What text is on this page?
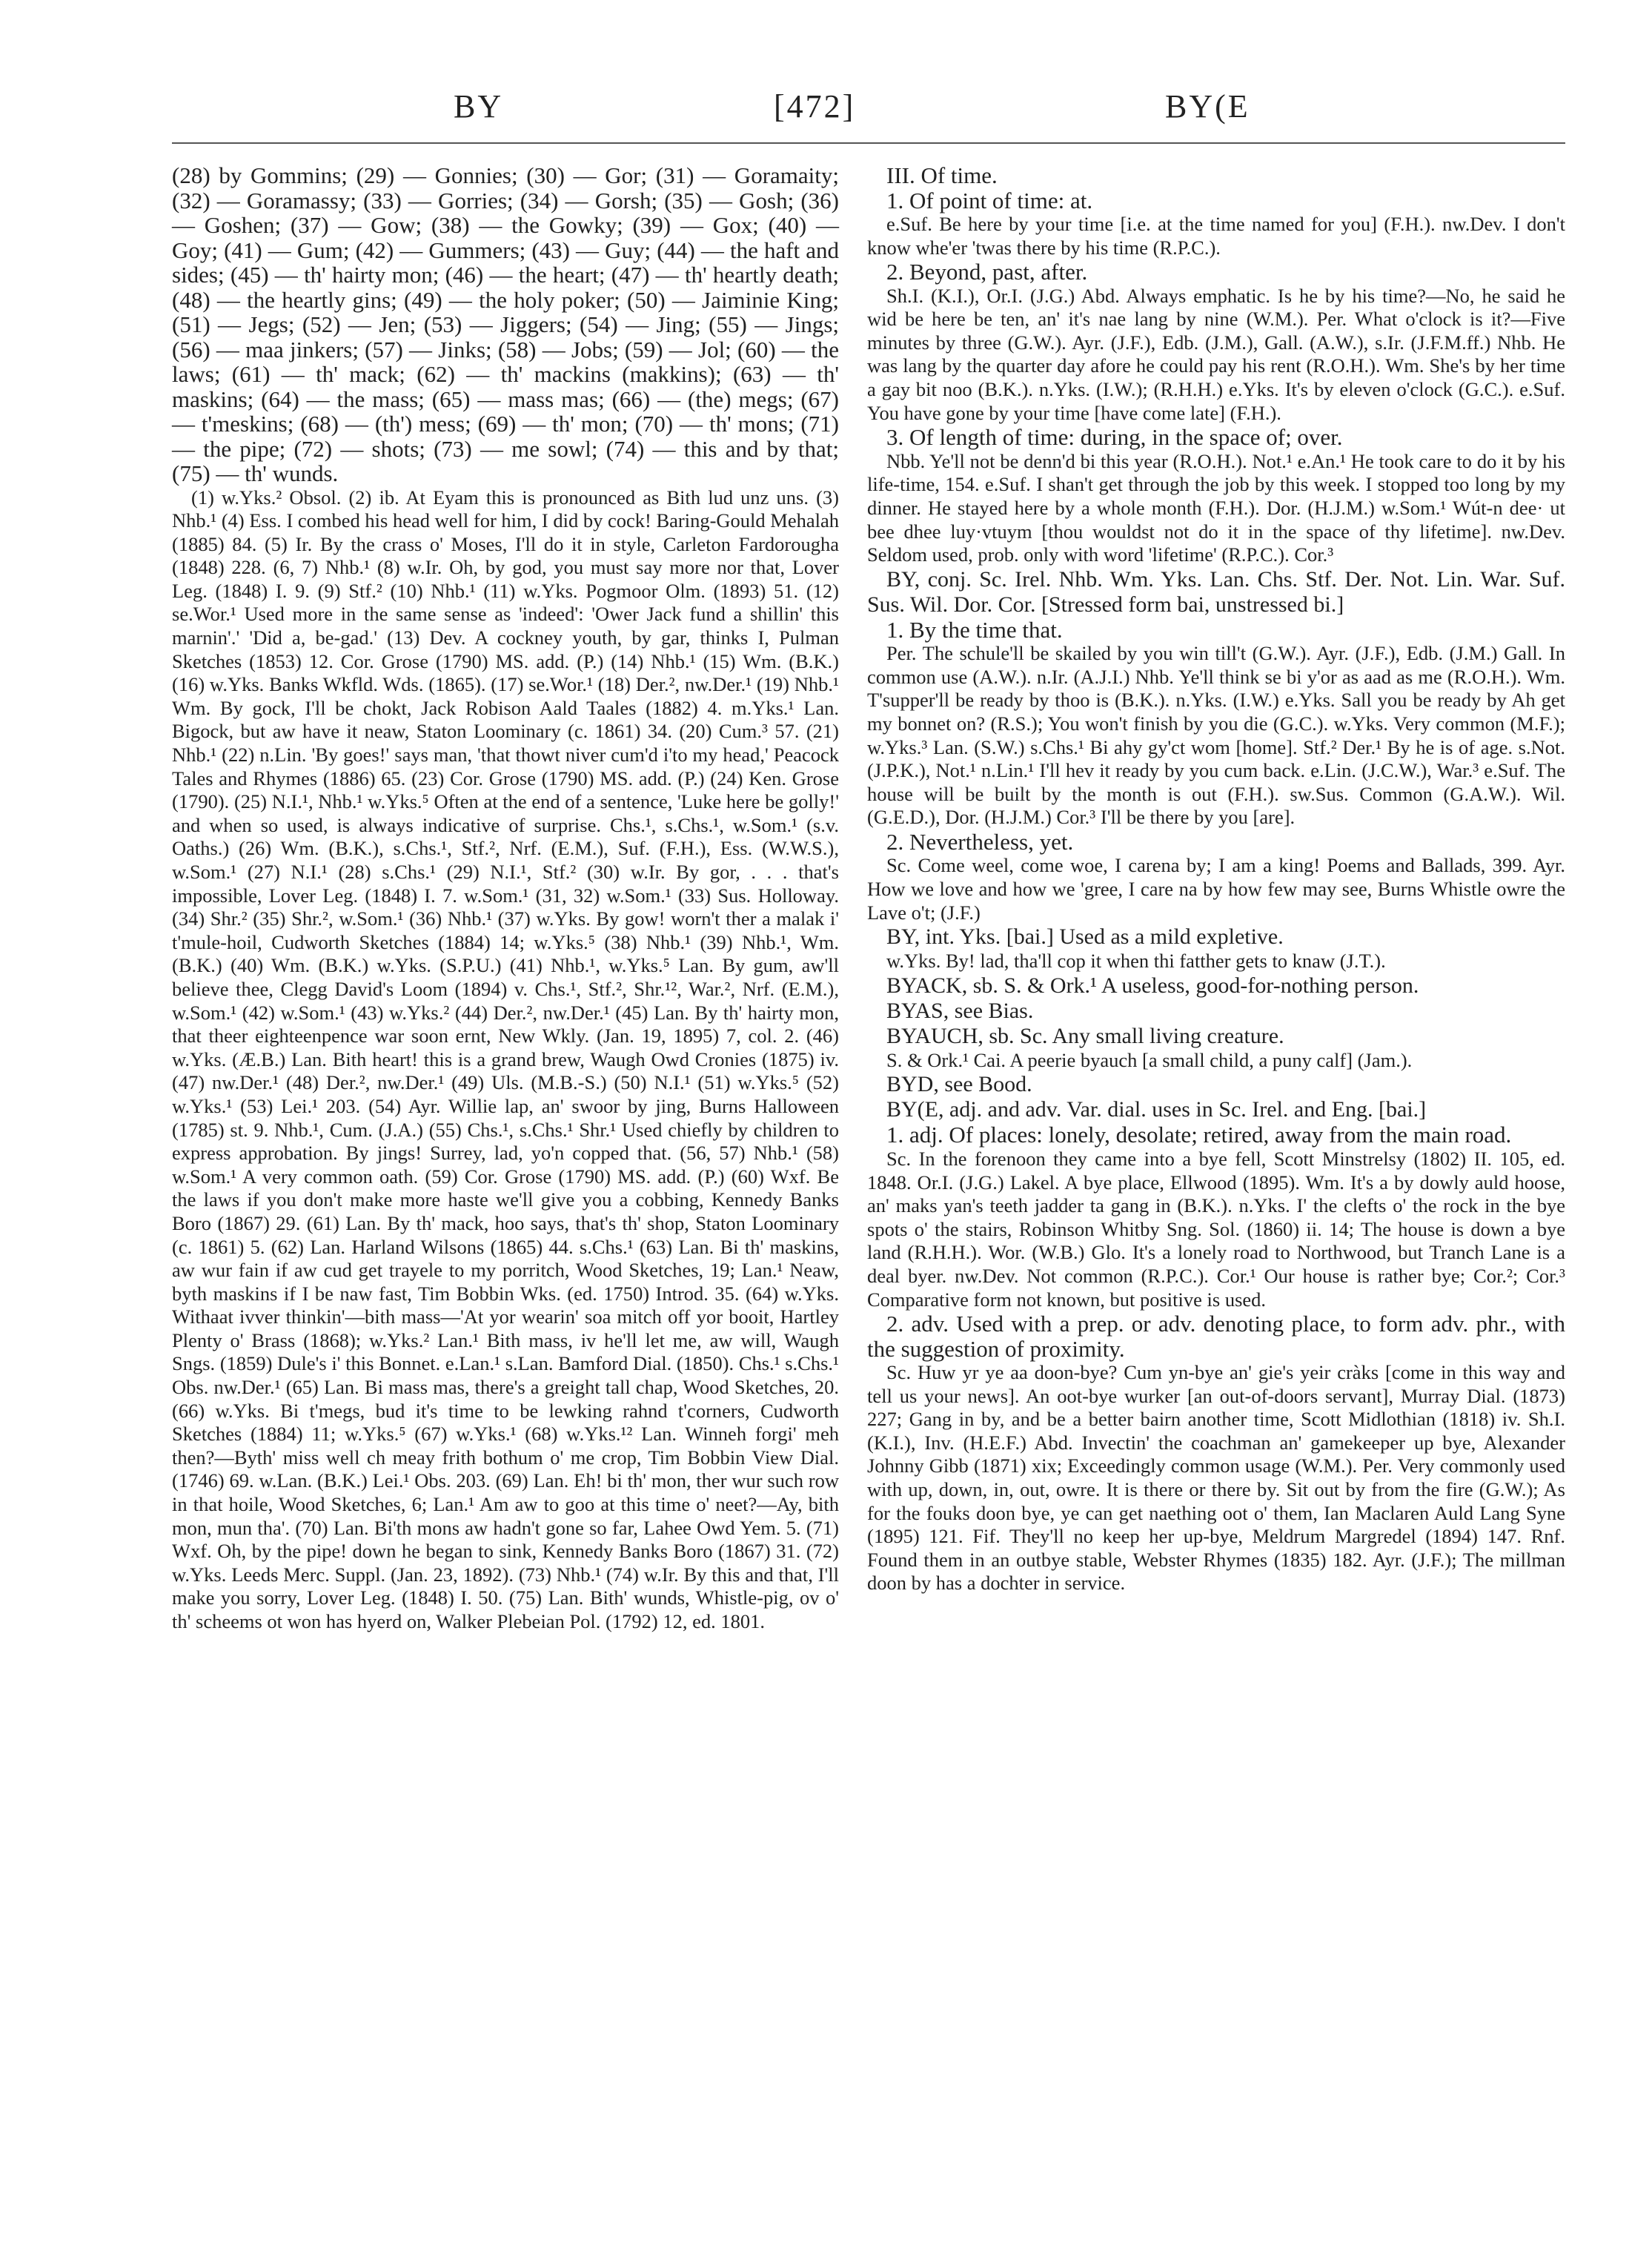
BY	[472]	BY(E

(28) by Gommins; (29) — Gonnies; (30) — Gor; (31) — Goramaity; (32) — Goramassy; (33) — Gorries; (34) — Gorsh; (35) — Gosh; (36) — Goshen; (37) — Gow; (38) — the Gowky; (39) — Gox; (40) — Goy; (41) — Gum; (42) — Gummers; (43) — Guy; (44) — the haft and sides; (45) — th' hairty mon; (46) — the heart; (47) — th' heartly death; (48) — the heartly gins; (49) — the holy poker; (50) — Jaiminie King; (51) — Jegs; (52) — Jen; (53) — Jiggers; (54) — Jing; (55) — Jings; (56) — maa jinkers; (57) — Jinks; (58) — Jobs; (59) — Jol; (60) — the laws; (61) — th' mack; (62) — th' mackins (makkins); (63) — th' maskins; (64) — the mass; (65) — mass mas; (66) — (the) megs; (67) — t'meskins; (68) — (th') mess; (69) — th' mon; (70) — th' mons; (71) — the pipe; (72) — shots; (73) — me sowl; (74) — this and by that; (75) — th' wunds.

(1) w.Yks.² Obsol. (2) ib. At Eyam this is pronounced as Bith lud unz uns. (3) Nhb.¹ (4) Ess. I combed his head well for him, I did by cock! Baring-Gould Mehalah (1885) 84. (5) Ir. By the crass o' Moses, I'll do it in style, Carleton Fardorougha (1848) 228. (6, 7) Nhb.¹ (8) w.Ir. Oh, by god, you must say more nor that, Lover Leg. (1848) I. 9. (9) Stf.² (10) Nhb.¹ (11) w.Yks. Pogmoor Olm. (1893) 51. (12) se.Wor.¹ Used more in the same sense as 'indeed': 'Ower Jack fund a shillin' this marnin'.' 'Did a, be-gad.' (13) Dev. A cockney youth, by gar, thinks I, Pulman Sketches (1853) 12. Cor. Grose (1790) MS. add. (P.) (14) Nhb.¹ (15) Wm. (B.K.) (16) w.Yks. Banks Wkfld. Wds. (1865). (17) se.Wor.¹ (18) Der.², nw.Der.¹ (19) Nhb.¹ Wm. By gock, I'll be chokt, Jack Robison Aald Taales (1882) 4. m.Yks.¹ Lan. Bigock, but aw have it neaw, Staton Loominary (c. 1861) 34. (20) Cum.³ 57. (21) Nhb.¹ (22) n.Lin. 'By goes!' says man, 'that thowt niver cum'd i'to my head,' Peacock Tales and Rhymes (1886) 65. (23) Cor. Grose (1790) MS. add. (P.) (24) Ken. Grose (1790). (25) N.I.¹, Nhb.¹ w.Yks.⁵ Often at the end of a sentence, 'Luke here be golly!' and when so used, is always indicative of surprise. Chs.¹, s.Chs.¹, w.Som.¹ (s.v. Oaths.) (26) Wm. (B.K.), s.Chs.¹, Stf.², Nrf. (E.M.), Suf. (F.H.), Ess. (W.W.S.), w.Som.¹ (27) N.I.¹ (28) s.Chs.¹ (29) N.I.¹, Stf.² (30) w.Ir. By gor, . . . that's impossible, Lover Leg. (1848) I. 7. w.Som.¹ (31, 32) w.Som.¹ (33) Sus. Holloway. (34) Shr.² (35) Shr.², w.Som.¹ (36) Nhb.¹ (37) w.Yks. By gow! worn't ther a malak i' t'mule-hoil, Cudworth Sketches (1884) 14; w.Yks.⁵ (38) Nhb.¹ (39) Nhb.¹, Wm. (B.K.) (40) Wm. (B.K.) w.Yks. (S.P.U.) (41) Nhb.¹, w.Yks.⁵ Lan. By gum, aw'll believe thee, Clegg David's Loom (1894) v. Chs.¹, Stf.², Shr.¹², War.², Nrf. (E.M.), w.Som.¹ (42) w.Som.¹ (43) w.Yks.² (44) Der.², nw.Der.¹ (45) Lan. By th' hairty mon, that theer eighteenpence war soon ernt, New Wkly. (Jan. 19, 1895) 7, col. 2. (46) w.Yks. (Æ.B.) Lan. Bith heart! this is a grand brew, Waugh Owd Cronies (1875) iv. (47) nw.Der.¹ (48) Der.², nw.Der.¹ (49) Uls. (M.B.-S.) (50) N.I.¹ (51) w.Yks.⁵ (52) w.Yks.¹ (53) Lei.¹ 203. (54) Ayr. Willie lap, an' swoor by jing, Burns Halloween (1785) st. 9. Nhb.¹, Cum. (J.A.) (55) Chs.¹, s.Chs.¹ Shr.¹ Used chiefly by children to express approbation. By jings! Surrey, lad, yo'n copped that. (56, 57) Nhb.¹ (58) w.Som.¹ A very common oath. (59) Cor. Grose (1790) MS. add. (P.) (60) Wxf. Be the laws if you don't make more haste we'll give you a cobbing, Kennedy Banks Boro (1867) 29. (61) Lan. By th' mack, hoo says, that's th' shop, Staton Loominary (c. 1861) 5. (62) Lan. Harland Wilsons (1865) 44. s.Chs.¹ (63) Lan. Bi th' maskins, aw wur fain if aw cud get trayele to my porritch, Wood Sketches, 19; Lan.¹ Neaw, byth maskins if I be naw fast, Tim Bobbin Wks. (ed. 1750) Introd. 35. (64) w.Yks. Withaat ivver thinkin'—bith mass—'At yor wearin' soa mitch off yor booit, Hartley Plenty o' Brass (1868); w.Yks.² Lan.¹ Bith mass, iv he'll let me, aw will, Waugh Sngs. (1859) Dule's i' this Bonnet. e.Lan.¹ s.Lan. Bamford Dial. (1850). Chs.¹ s.Chs.¹ Obs. nw.Der.¹ (65) Lan. Bi mass mas, there's a greight tall chap, Wood Sketches, 20. (66) w.Yks. Bi t'megs, bud it's time to be lewking rahnd t'corners, Cudworth Sketches (1884) 11; w.Yks.⁵ (67) w.Yks.¹ (68) w.Yks.¹² Lan. Winneh forgi' meh then?—Byth' miss well ch meay frith bothum o' me crop, Tim Bobbin View Dial. (1746) 69. w.Lan. (B.K.) Lei.¹ Obs. 203. (69) Lan. Eh! bi th' mon, ther wur such row in that hoile, Wood Sketches, 6; Lan.¹ Am aw to goo at this time o' neet?—Ay, bith mon, mun tha'. (70) Lan. Bi'th mons aw hadn't gone so far, Lahee Owd Yem. 5. (71) Wxf. Oh, by the pipe! down he began to sink, Kennedy Banks Boro (1867) 31. (72) w.Yks. Leeds Merc. Suppl. (Jan. 23, 1892). (73) Nhb.¹ (74) w.Ir. By this and that, I'll make you sorry, Lover Leg. (1848) I. 50. (75) Lan. Bith' wunds, Whistle-pig, ov o' th' scheems ot won has hyerd on, Walker Plebeian Pol. (1792) 12, ed. 1801.

III. Of time.

1. Of point of time: at.

e.Suf. Be here by your time [i.e. at the time named for you] (F.H.). nw.Dev. I don't know whe'er 'twas there by his time (R.P.C.).

2. Beyond, past, after.

Sh.I. (K.I.), Or.I. (J.G.) Abd. Always emphatic. Is he by his time?—No, he said he wid be here be ten, an' it's nae lang by nine (W.M.). Per. What o'clock is it?—Five minutes by three (G.W.). Ayr. (J.F.), Edb. (J.M.), Gall. (A.W.), s.Ir. (J.F.M.ff.) Nhb. He was lang by the quarter day afore he could pay his rent (R.O.H.). Wm. She's by her time a gay bit noo (B.K.). n.Yks. (I.W.); (R.H.H.) e.Yks. It's by eleven o'clock (G.C.). e.Suf. You have gone by your time [have come late] (F.H.).

3. Of length of time: during, in the space of; over.

Nbb. Ye'll not be denn'd bi this year (R.O.H.). Not.¹ e.An.¹ He took care to do it by his life-time, 154. e.Suf. I shan't get through the job by this week. I stopped too long by my dinner. He stayed here by a whole month (F.H.). Dor. (H.J.M.) w.Som.¹ Wút-n dee· ut bee dhee luy·vtuym [thou wouldst not do it in the space of thy lifetime]. nw.Dev. Seldom used, prob. only with word 'lifetime' (R.P.C.). Cor.³

BY, conj. Sc. Irel. Nhb. Wm. Yks. Lan. Chs. Stf. Der. Not. Lin. War. Suf. Sus. Wil. Dor. Cor. [Stressed form bai, unstressed bi.]

1. By the time that.

Per. The schule'll be skailed by you win till't (G.W.). Ayr. (J.F.), Edb. (J.M.) Gall. In common use (A.W.). n.Ir. (A.J.I.) Nhb. Ye'll think se bi y'or as aad as me (R.O.H.). Wm. T'supper'll be ready by thoo is (B.K.). n.Yks. (I.W.) e.Yks. Sall you be ready by Ah get my bonnet on? (R.S.); You won't finish by you die (G.C.). w.Yks. Very common (M.F.); w.Yks.³ Lan. (S.W.) s.Chs.¹ Bi ahy gy'ct wom [home]. Stf.² Der.¹ By he is of age. s.Not. (J.P.K.), Not.¹ n.Lin.¹ I'll hev it ready by you cum back. e.Lin. (J.C.W.), War.³ e.Suf. The house will be built by the month is out (F.H.). sw.Sus. Common (G.A.W.). Wil. (G.E.D.), Dor. (H.J.M.) Cor.³ I'll be there by you [are].

2. Nevertheless, yet.

Sc. Come weel, come woe, I carena by; I am a king! Poems and Ballads, 399. Ayr. How we love and how we 'gree, I care na by how few may see, Burns Whistle owre the Lave o't; (J.F.)

BY, int. Yks. [bai.] Used as a mild expletive.

w.Yks. By! lad, tha'll cop it when thi fatther gets to knaw (J.T.).

BYACK, sb. S. & Ork.¹ A useless, good-for-nothing person.

BYAS, see Bias.

BYAUCH, sb. Sc. Any small living creature.

S. & Ork.¹ Cai. A peerie byauch [a small child, a puny calf] (Jam.).

BYD, see Bood.

BY(E, adj. and adv. Var. dial. uses in Sc. Irel. and Eng. [bai.]

1. adj. Of places: lonely, desolate; retired, away from the main road.

Sc. In the forenoon they came into a bye fell, Scott Minstrelsy (1802) II. 105, ed. 1848. Or.I. (J.G.) Lakel. A bye place, Ellwood (1895). Wm. It's a by dowly auld hoose, an' maks yan's teeth jadder ta gang in (B.K.). n.Yks. I' the clefts o' the rock in the bye spots o' the stairs, Robinson Whitby Sng. Sol. (1860) ii. 14; The house is down a bye land (R.H.H.). Wor. (W.B.) Glo. It's a lonely road to Northwood, but Tranch Lane is a deal byer. nw.Dev. Not common (R.P.C.). Cor.¹ Our house is rather bye; Cor.²; Cor.³ Comparative form not known, but positive is used.

2. adv. Used with a prep. or adv. denoting place, to form adv. phr., with the suggestion of proximity.

Sc. Huw yr ye aa doon-bye? Cum yn-bye an' gie's yeir cràks [come in this way and tell us your news]. An oot-bye wurker [an out-of-doors servant], Murray Dial. (1873) 227; Gang in by, and be a better bairn another time, Scott Midlothian (1818) iv. Sh.I. (K.I.), Inv. (H.E.F.) Abd. Invectin' the coachman an' gamekeeper up bye, Alexander Johnny Gibb (1871) xix; Exceedingly common usage (W.M.). Per. Very commonly used with up, down, in, out, owre. It is there or there by. Sit out by from the fire (G.W.); As for the fouks doon bye, ye can get naething oot o' them, Ian Maclaren Auld Lang Syne (1895) 121. Fif. They'll no keep her up-bye, Meldrum Margredel (1894) 147. Rnf. Found them in an outbye stable, Webster Rhymes (1835) 182. Ayr. (J.F.); The millman doon by has a dochter in service.
